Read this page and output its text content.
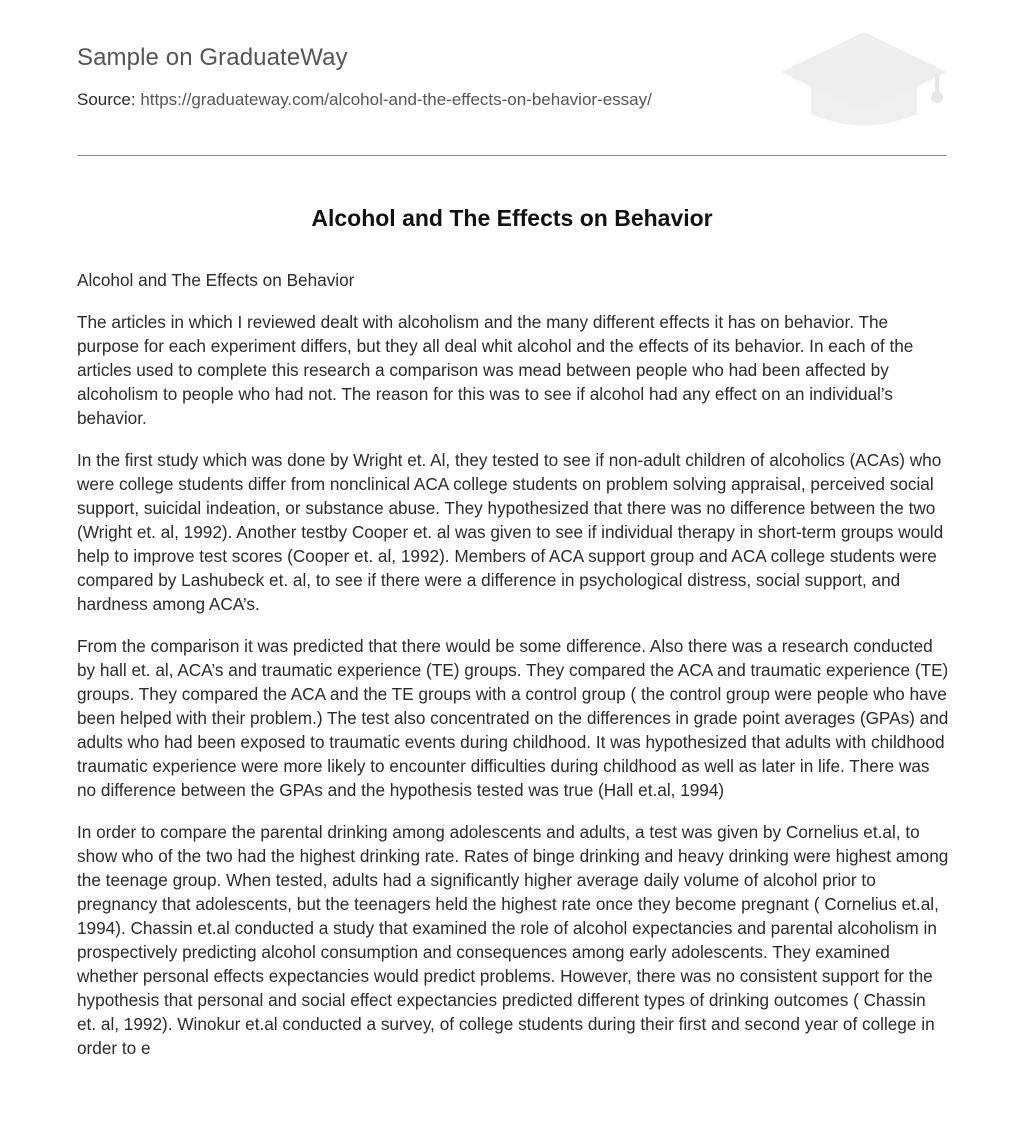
Sample on GraduateWay
Source: https://graduateway.com/alcohol-and-the-effects-on-behavior-essay/
Alcohol and The Effects on Behavior

Alcohol and The Effects on Behavior

The articles in which I reviewed dealt with alcoholism and the many different effects it has on behavior. The purpose for each experiment differs, but they all deal whit alcohol and the effects of its behavior. In each of the articles used to complete this research a comparison was mead between people who had been affected by alcoholism to people who had not. The reason for this was to see if alcohol had any effect on an individual’s behavior.

In the first study which was done by Wright et. Al, they tested to see if non-adult children of alcoholics (ACAs) who were college students differ from nonclinical ACA college students on problem solving appraisal, perceived social support, suicidal indeation, or substance abuse. They hypothesized that there was no difference between the two (Wright et. al, 1992). Another testby Cooper et. al was given to see if individual therapy in short-term groups would help to improve test scores (Cooper et. al, 1992). Members of ACA support group and ACA college students were compared by Lashubeck et. al, to see if there were a difference in psychological distress, social support, and hardness among ACA’s.

From the comparison it was predicted that there would be some difference. Also there was a research conducted by hall et. al, ACA’s and traumatic experience (TE) groups. They compared the ACA and traumatic experience (TE) groups. They compared the ACA and the TE groups with a control group ( the control group were people who have been helped with their problem.) The test also concentrated on the differences in grade point averages (GPAs) and adults who had been exposed to traumatic events during childhood. It was hypothesized that adults with childhood traumatic experience were more likely to encounter difficulties during childhood as well as later in life. There was no difference between the GPAs and the hypothesis tested was true (Hall et.al, 1994)

In order to compare the parental drinking among adolescents and adults, a test was given by Cornelius et.al, to show who of the two had the highest drinking rate. Rates of binge drinking and heavy drinking were highest among the teenage group. When tested, adults had a significantly higher average daily volume of alcohol prior to pregnancy that adolescents, but the teenagers held the highest rate once they become pregnant ( Cornelius et.al, 1994). Chassin et.al conducted a study that examined the role of alcohol expectancies and parental alcoholism in prospectively predicting alcohol consumption and consequences among early adolescents. They examined whether personal effects expectancies would predict problems. However, there was no consistent support for the hypothesis that personal and social effect expectancies predicted different types of drinking outcomes ( Chassin et. al, 1992). Winokur et.al conducted a survey, of college students during their first and second year of college in order to e
